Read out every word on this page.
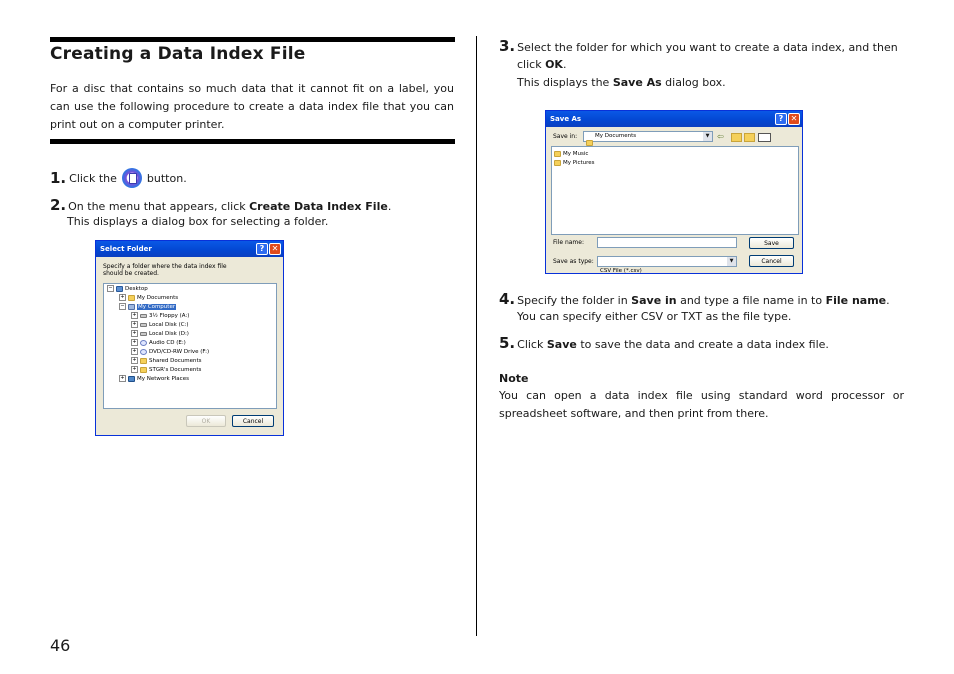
Creating a Data Index File
For a disc that contains so much data that it cannot fit on a label, you can use the following procedure to create a data index file that you can print out on a computer printer.
1. Click the	button.
2. On the menu that appears, click Create Data Index File.
This displays a dialog box for selecting a folder.
Select Folder	? ✕
Specify a folder where the data index file should be created.
− Desktop
+ My Documents
− My Computer
+ 3½ Floppy (A:)
+ Local Disk (C:)
+ Local Disk (D:)
+ Audio CD (E:)
+ DVD/CD-RW Drive (F:)
+ Shared Documents
+ STGR's Documents
+ My Network Places
OK	Cancel
3. Select the folder for which you want to create a data index, and then
click OK.
This displays the Save As dialog box.
Save As	? ✕
Save in:	$^{My Documents}$	▼ ⇦
My Music
My Pictures
File name:
Save as type:
CSV File (*.csv)
▼
Save
Cancel
4. Specify the folder in Save in and type a file name in to File name.
You can specify either CSV or TXT as the file type.
5. Click Save to save the data and create a data index file.
Note
You can open a data index file using standard word processor or spreadsheet software, and then print from there.
46
